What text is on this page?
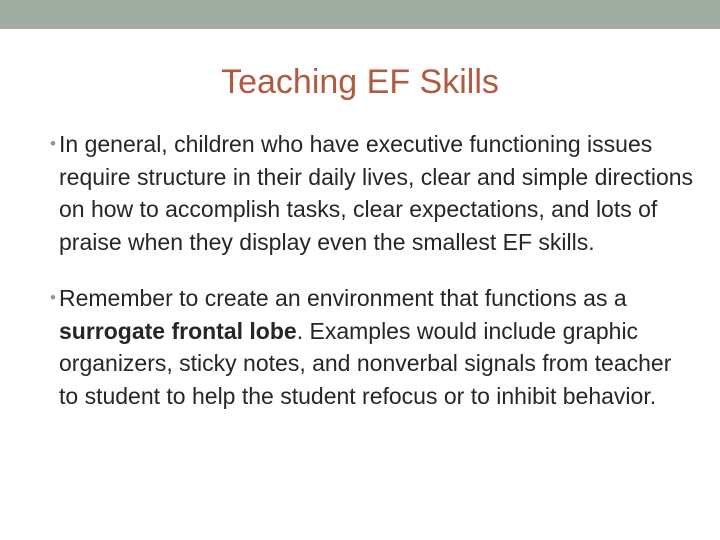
Teaching EF Skills
• In general, children who have executive functioning issues require structure in their daily lives, clear and simple directions on how to accomplish tasks, clear expectations, and lots of praise when they display even the smallest EF skills.
• Remember to create an environment that functions as a surrogate frontal lobe. Examples would include graphic organizers, sticky notes, and nonverbal signals from teacher to student to help the student refocus or to inhibit behavior.
